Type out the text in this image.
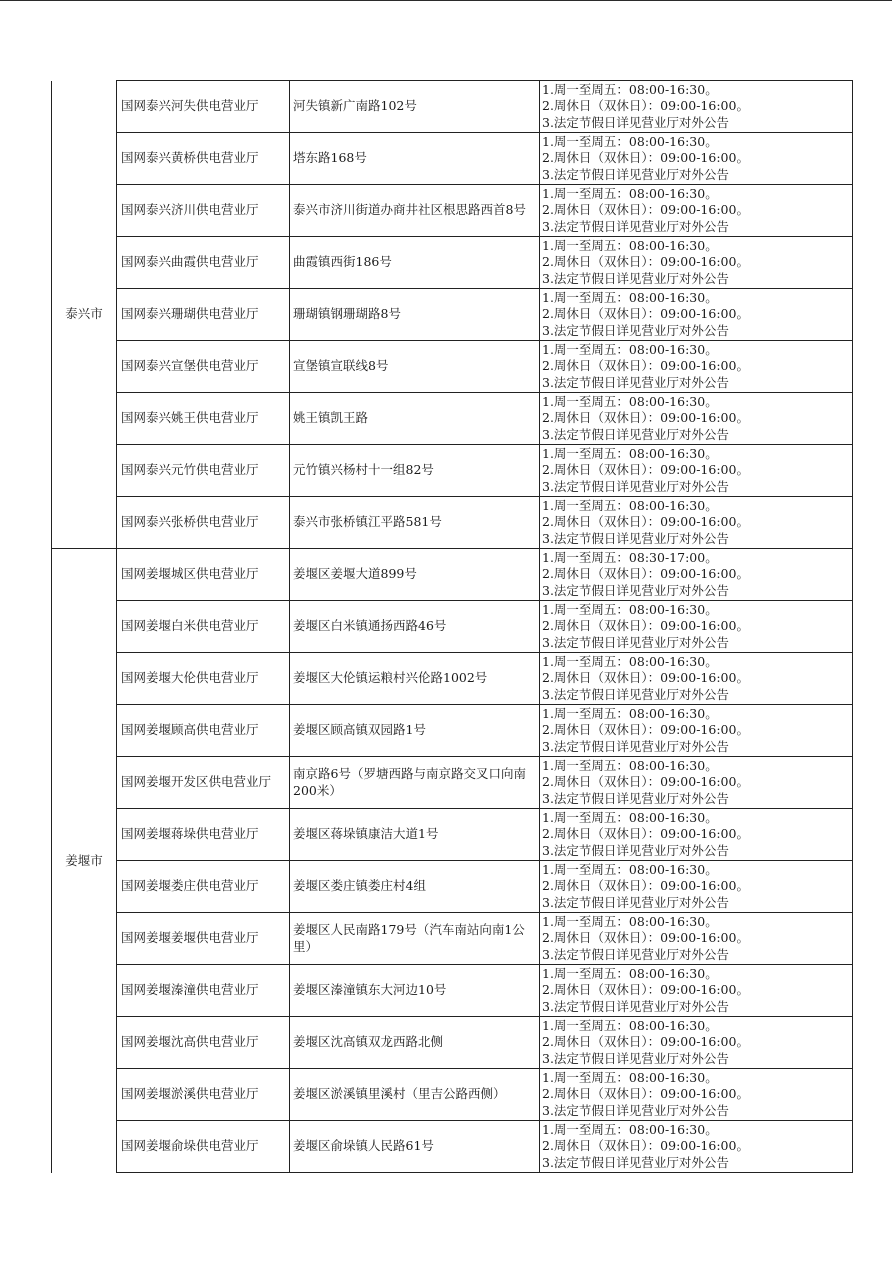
泰兴市	国网泰兴河失供电营业厅	河失镇新广南路102号	1.周一至周五：08:00-16:30。
2.周休日（双休日）：09:00-16:00。
3.法定节假日详见营业厅对外公告

	国网泰兴黄桥供电营业厅	塔东路168号	1.周一至周五：08:00-16:30。
2.周休日（双休日）：09:00-16:00。
3.法定节假日详见营业厅对外公告

	国网泰兴济川供电营业厅	泰兴市济川街道办商井社区根思路西首8号	1.周一至周五：08:00-16:30。
2.周休日（双休日）：09:00-16:00。
3.法定节假日详见营业厅对外公告

	国网泰兴曲霞供电营业厅	曲霞镇西街186号	1.周一至周五：08:00-16:30。
2.周休日（双休日）：09:00-16:00。
3.法定节假日详见营业厅对外公告

	国网泰兴珊瑚供电营业厅	珊瑚镇钢珊瑚路8号	1.周一至周五：08:00-16:30。
2.周休日（双休日）：09:00-16:00。
3.法定节假日详见营业厅对外公告

	国网泰兴宣堡供电营业厅	宣堡镇宣联线8号	1.周一至周五：08:00-16:30。
2.周休日（双休日）：09:00-16:00。
3.法定节假日详见营业厅对外公告

	国网泰兴姚王供电营业厅	姚王镇凯王路	1.周一至周五：08:00-16:30。
2.周休日（双休日）：09:00-16:00。
3.法定节假日详见营业厅对外公告

	国网泰兴元竹供电营业厅	元竹镇兴杨村十一组82号	1.周一至周五：08:00-16:30。
2.周休日（双休日）：09:00-16:00。
3.法定节假日详见营业厅对外公告

	国网泰兴张桥供电营业厅	泰兴市张桥镇江平路581号	1.周一至周五：08:00-16:30。
2.周休日（双休日）：09:00-16:00。
3.法定节假日详见营业厅对外公告

姜堰市	国网姜堰城区供电营业厅	姜堰区姜堰大道899号	1.周一至周五：08:30-17:00。
2.周休日（双休日）：09:00-16:00。
3.法定节假日详见营业厅对外公告

	国网姜堰白米供电营业厅	姜堰区白米镇通扬西路46号	1.周一至周五：08:00-16:30。
2.周休日（双休日）：09:00-16:00。
3.法定节假日详见营业厅对外公告

	国网姜堰大伦供电营业厅	姜堰区大伦镇运粮村兴伦路1002号	1.周一至周五：08:00-16:30。
2.周休日（双休日）：09:00-16:00。
3.法定节假日详见营业厅对外公告

	国网姜堰顾高供电营业厅	姜堰区顾高镇双园路1号	1.周一至周五：08:00-16:30。
2.周休日（双休日）：09:00-16:00。
3.法定节假日详见营业厅对外公告

	国网姜堰开发区供电营业厅	南京路6号（罗塘西路与南京路交叉口向南200米）	1.周一至周五：08:00-16:30。
2.周休日（双休日）：09:00-16:00。
3.法定节假日详见营业厅对外公告

	国网姜堰蒋垛供电营业厅	姜堰区蒋垛镇康洁大道1号	1.周一至周五：08:00-16:30。
2.周休日（双休日）：09:00-16:00。
3.法定节假日详见营业厅对外公告

	国网姜堰娄庄供电营业厅	姜堰区娄庄镇娄庄村4组	1.周一至周五：08:00-16:30。
2.周休日（双休日）：09:00-16:00。
3.法定节假日详见营业厅对外公告

	国网姜堰姜堰供电营业厅	姜堰区人民南路179号（汽车南站向南1公里）	1.周一至周五：08:00-16:30。
2.周休日（双休日）：09:00-16:00。
3.法定节假日详见营业厅对外公告

	国网姜堰溱潼供电营业厅	姜堰区溱潼镇东大河边10号	1.周一至周五：08:00-16:30。
2.周休日（双休日）：09:00-16:00。
3.法定节假日详见营业厅对外公告

	国网姜堰沈高供电营业厅	姜堰区沈高镇双龙西路北侧	1.周一至周五：08:00-16:30。
2.周休日（双休日）：09:00-16:00。
3.法定节假日详见营业厅对外公告

	国网姜堰淤溪供电营业厅	姜堰区淤溪镇里溪村（里吉公路西侧）	1.周一至周五：08:00-16:30。
2.周休日（双休日）：09:00-16:00。
3.法定节假日详见营业厅对外公告

	国网姜堰俞垛供电营业厅	姜堰区俞垛镇人民路61号	1.周一至周五：08:00-16:30。
2.周休日（双休日）：09:00-16:00。
3.法定节假日详见营业厅对外公告
